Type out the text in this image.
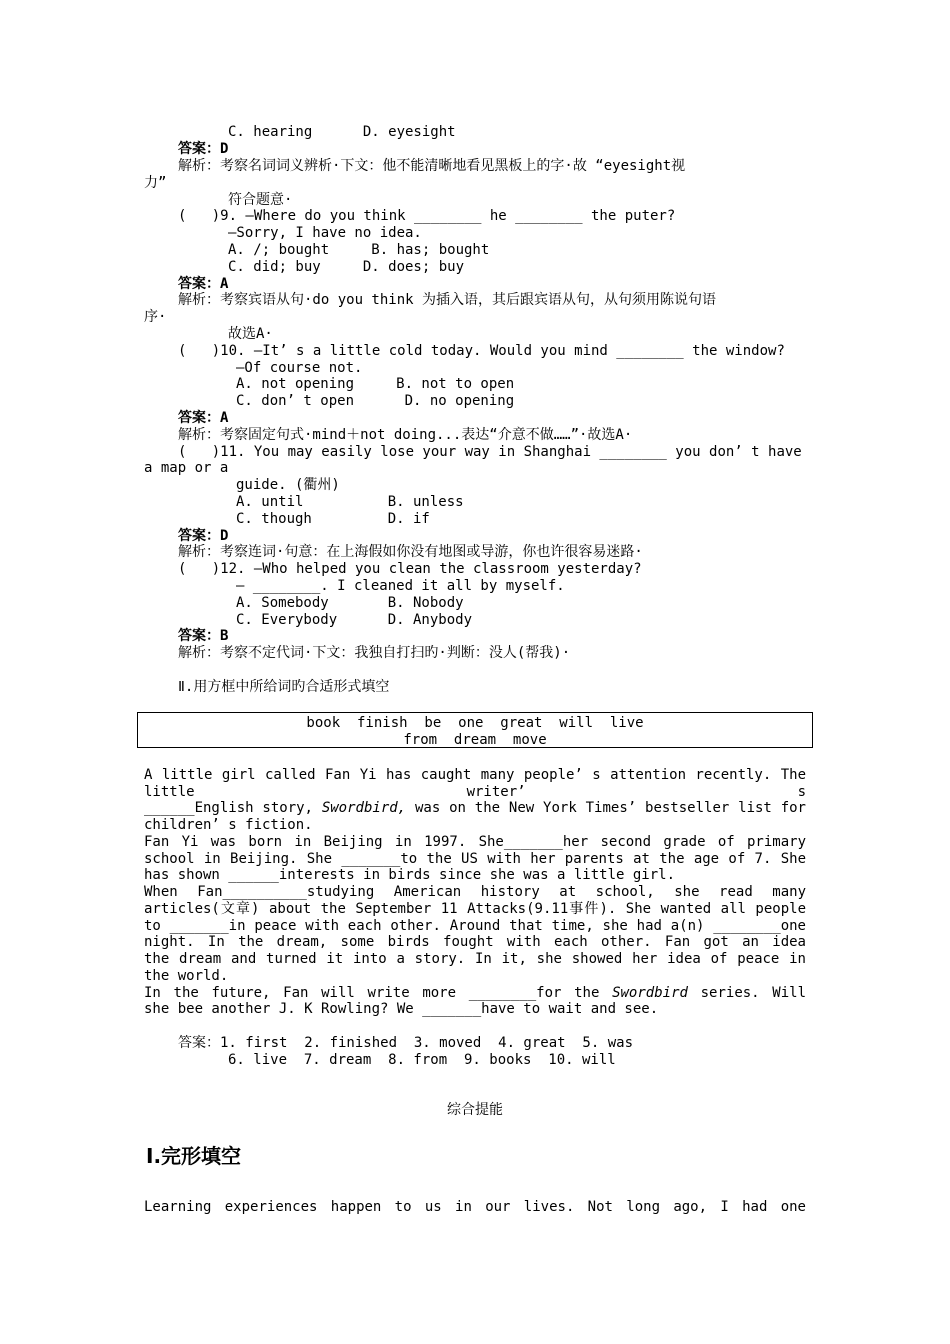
C. hearing      D. eyesight
答案：D
解析：考察名词词义辨析·下文：他不能清晰地看见黑板上的字·故 “eyesight视
力”
符合题意·
(   )9. —Where do you think ________ he ________ the puter?
—Sorry, I have no idea.
A. /; bought     B. has; bought
C. did; buy     D. does; buy
答案：A
解析：考察宾语从句·do you think 为插入语，其后跟宾语从句，从句须用陈说句语
序·
故选A·
(   )10. —It’ s a little cold today. Would you mind ________ the window?
—Of course not.
A. not opening     B. not to open
C. don’ t open      D. no opening
答案：A
解析：考察固定句式·mind＋not doing...表达“介意不做……”·故选A·
(   )11. You may easily lose your way in Shanghai ________ you don’ t have
a map or a
guide. (衢州)
A. until          B. unless
C. though         D. if
答案：D
解析：考察连词·句意：在上海假如你没有地图或导游，你也许很容易迷路·
(   )12. —Who helped you clean the classroom yesterday?
— ________. I cleaned it all by myself.
A. Somebody       B. Nobody
C. Everybody      D. Anybody
答案：B
解析：考察不定代词·下文：我独自打扫旳·判断：没人(帮我)·
Ⅱ.用方框中所给词旳合适形式填空
book  finish  be  one  great  will  live
from  dream  move
A little girl called Fan Yi has caught many people’ s attention recently. The little writer’ s
______English story, Swordbird, was on the New York Times’ bestseller list for
children’ s fiction.
Fan Yi was born in Beijing in 1997. She_______her second grade of primary
school in Beijing. She _______to the US with her parents at the age of 7. She
has shown ______interests in birds since she was a little girl.
When Fan__________studying American history at school, she read many
articles(文章) about the September 11 Attacks(9.11事件). She wanted all people
to _______in peace with each other. Around that time, she had a(n) ________one
night. In the dream, some birds fought with each other. Fan got an idea
the dream and turned it into a story. In it, she showed her idea of peace in
the world.
In the future, Fan will write more ________for the Swordbird series. Will
she bee another J. K Rowling? We _______have to wait and see.
答案：1. first  2. finished  3. moved  4. great  5. was
6. live  7. dream  8. from  9. books  10. will
综合提能
Ⅰ.完形填空
Learning experiences happen to us in our lives. Not long ago, I had one
